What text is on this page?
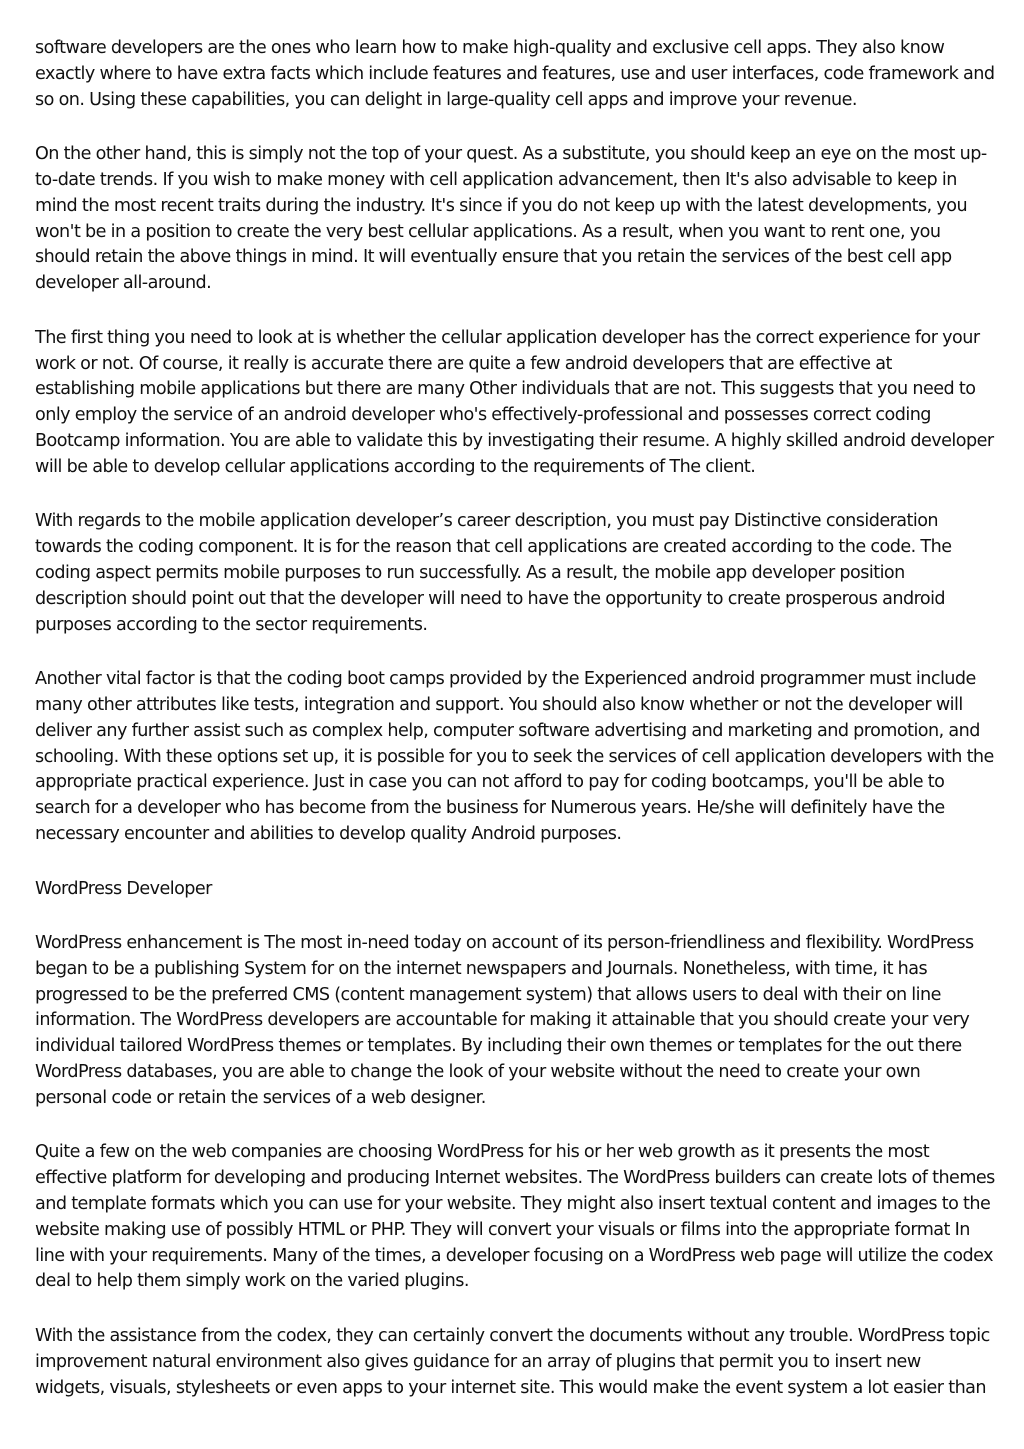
software developers are the ones who learn how to make high-quality and exclusive cell apps. They also know exactly where to have extra facts which include features and features, use and user interfaces, code framework and so on. Using these capabilities, you can delight in large-quality cell apps and improve your revenue.

On the other hand, this is simply not the top of your quest. As a substitute, you should keep an eye on the most up-to-date trends. If you wish to make money with cell application advancement, then It's also advisable to keep in mind the most recent traits during the industry. It's since if you do not keep up with the latest developments, you won't be in a position to create the very best cellular applications. As a result, when you want to rent one, you should retain the above things in mind. It will eventually ensure that you retain the services of the best cell app developer all-around.

The first thing you need to look at is whether the cellular application developer has the correct experience for your work or not. Of course, it really is accurate there are quite a few android developers that are effective at establishing mobile applications but there are many Other individuals that are not. This suggests that you need to only employ the service of an android developer who's effectively-professional and possesses correct coding Bootcamp information. You are able to validate this by investigating their resume. A highly skilled android developer will be able to develop cellular applications according to the requirements of The client.

With regards to the mobile application developer’s career description, you must pay Distinctive consideration towards the coding component. It is for the reason that cell applications are created according to the code. The coding aspect permits mobile purposes to run successfully. As a result, the mobile app developer position description should point out that the developer will need to have the opportunity to create prosperous android purposes according to the sector requirements.

Another vital factor is that the coding boot camps provided by the Experienced android programmer must include many other attributes like tests, integration and support. You should also know whether or not the developer will deliver any further assist such as complex help, computer software advertising and marketing and promotion, and schooling. With these options set up, it is possible for you to seek the services of cell application developers with the appropriate practical experience. Just in case you can not afford to pay for coding bootcamps, you'll be able to search for a developer who has become from the business for Numerous years. He/she will definitely have the necessary encounter and abilities to develop quality Android purposes.

WordPress Developer

WordPress enhancement is The most in-need today on account of its person-friendliness and flexibility. WordPress began to be a publishing System for on the internet newspapers and Journals. Nonetheless, with time, it has progressed to be the preferred CMS (content management system) that allows users to deal with their on line information. The WordPress developers are accountable for making it attainable that you should create your very individual tailored WordPress themes or templates. By including their own themes or templates for the out there WordPress databases, you are able to change the look of your website without the need to create your own personal code or retain the services of a web designer.

Quite a few on the web companies are choosing WordPress for his or her web growth as it presents the most effective platform for developing and producing Internet websites. The WordPress builders can create lots of themes and template formats which you can use for your website. They might also insert textual content and images to the website making use of possibly HTML or PHP. They will convert your visuals or films into the appropriate format In line with your requirements. Many of the times, a developer focusing on a WordPress web page will utilize the codex deal to help them simply work on the varied plugins.

With the assistance from the codex, they can certainly convert the documents without any trouble. WordPress topic improvement natural environment also gives guidance for an array of plugins that permit you to insert new widgets, visuals, stylesheets or even apps to your internet site. This would make the event system a lot easier than
